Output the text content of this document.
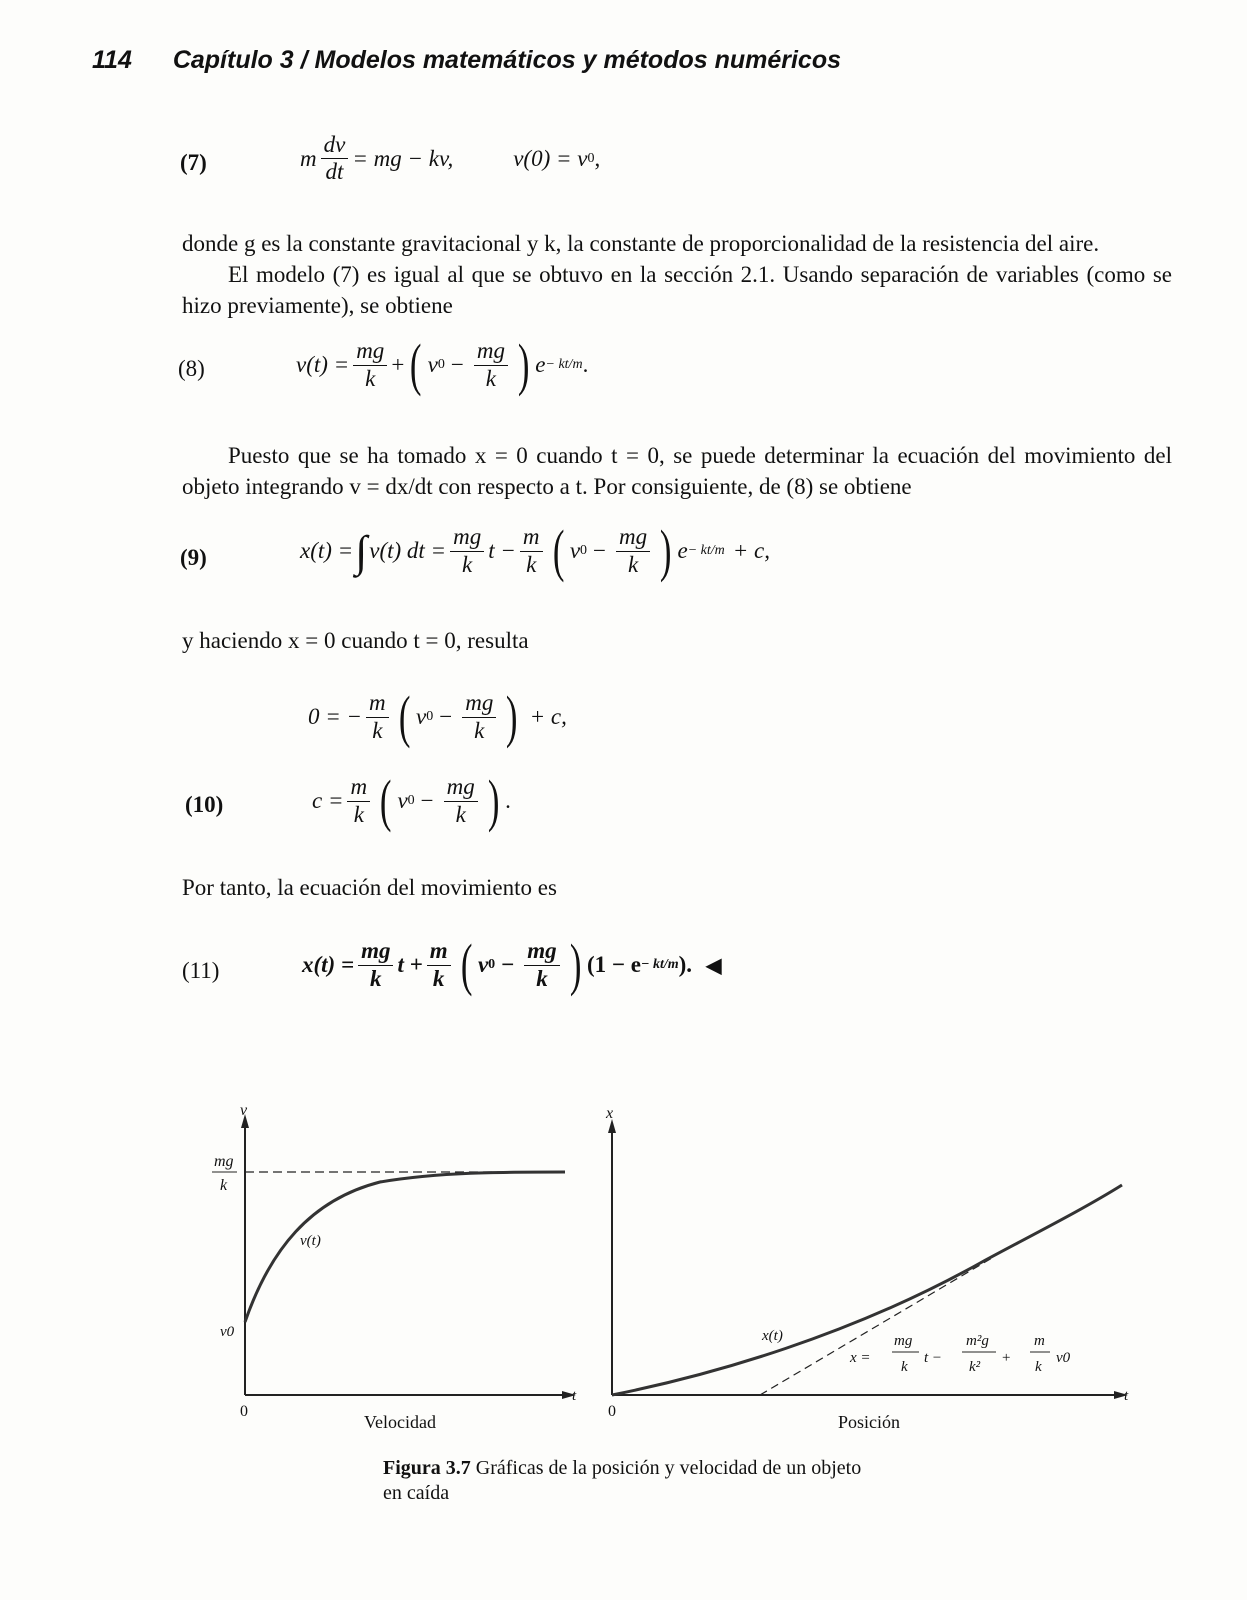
114 Capítulo 3 / Modelos matemáticos y métodos numéricos
(7)	m $\frac{dv}{dt}$ = mg − kv,	v(0) = v 0 ,

donde g es la constante gravitacional y k, la constante de proporcionalidad de la resistencia del aire.

El modelo (7) es igual al que se obtuvo en la sección 2.1. Usando separación de variables (como se hizo previamente), se obtiene

(8)	$v(t) = \frac{mg}{k}$ + ( v $0 - \frac{mg}{k}$ ) e − kt/m .

Puesto que se ha tomado x = 0 cuando t = 0, se puede determinar la ecuación del movimiento del objeto integrando v = dx/dt con respecto a t. Por consiguiente, de (8) se obtiene

(9)	x(t) = ∫ v(t) dt = $\frac{mg}{k}$ $t - \frac{m}{k}$ ( v $0 - \frac{mg}{k}$ ) e − kt/m + c,

y haciendo x = 0 cuando t = 0, resulta

0 = − $\frac{m}{k}$ ( v $0 - \frac{mg}{k}$ ) + c,
(10)	$c = \frac{m}{k}$ ( v $0 - \frac{mg}{k}$ ) .

Por tanto, la ecuación del movimiento es

(11)	$x(t) = \frac{mg}{k}$ $t + \frac{m}{k}$ ( v $0 - \frac{mg}{k}$ ) (1 − e − kt/m ). ◀
v
t
0
mg
k
v0
v(t)
Velocidad
x
t
0
x(t)
x =
mg
k
t −
m²g
k²
+
m
k
v0
Posición
Figura 3.7 Gráficas de la posición y velocidad de un objeto en caída
